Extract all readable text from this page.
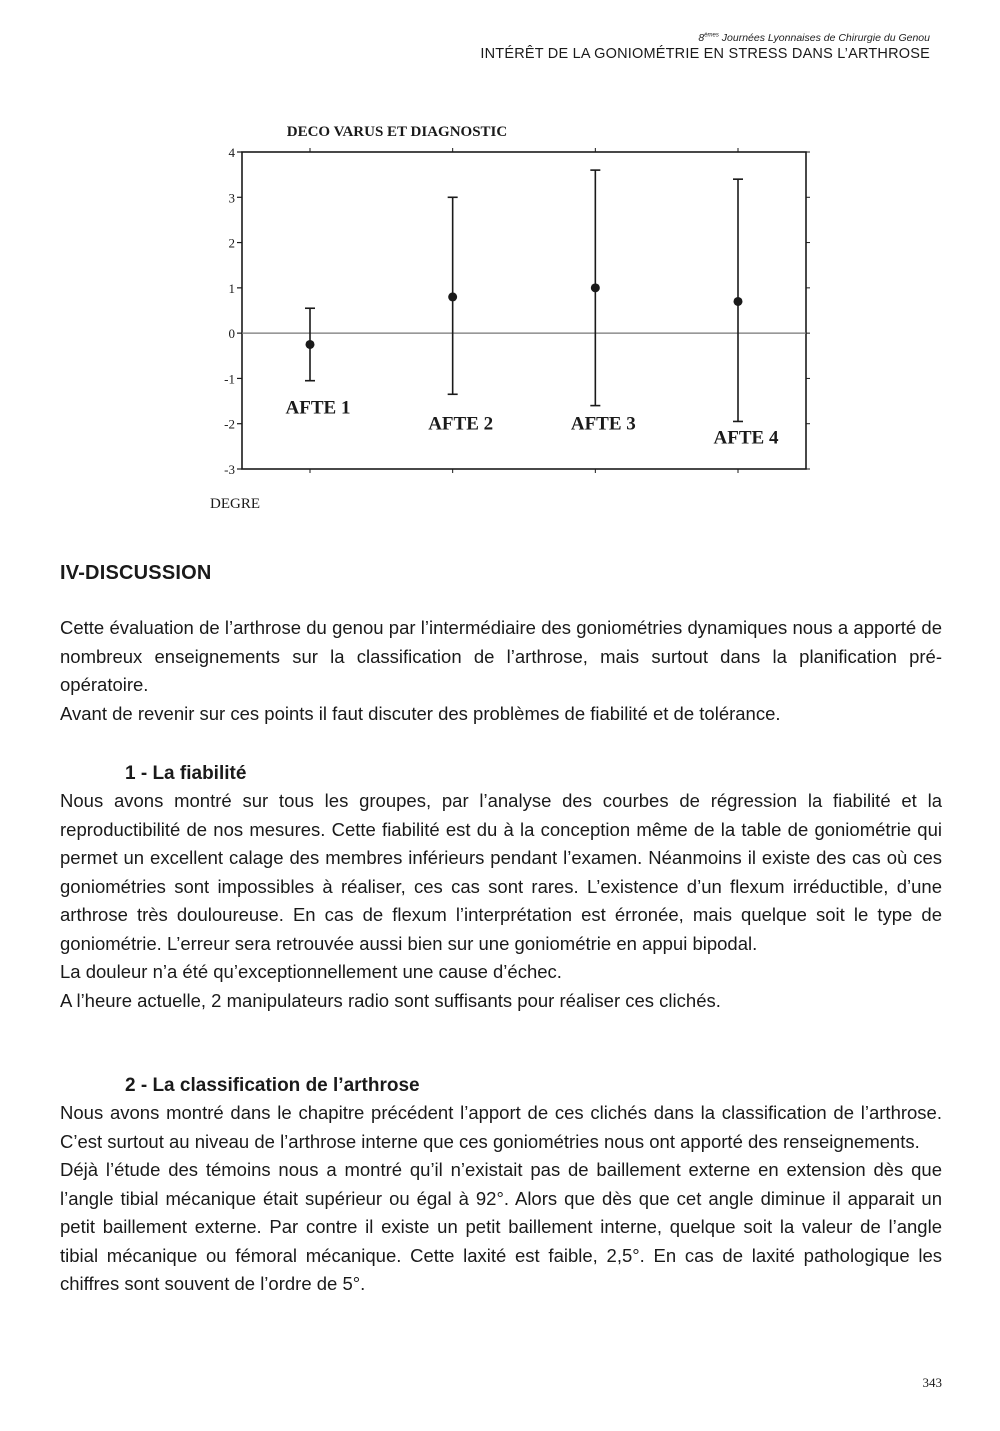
8èmes Journées Lyonnaises de Chirurgie du Genou
INTÉRÊT DE LA GONIOMÉTRIE EN STRESS DANS L’ARTHROSE
DECO VARUS ET DIAGNOSTIC
DEGRE
4
3
2
1
0
-1
-2
-3
AFTE 1
AFTE 2	AFTE 3
AFTE 4
IV-DISCUSSION

Cette évaluation de l’arthrose du genou par l’intermédiaire des goniométries dynamiques nous a apporté de nombreux enseignements sur la classification de l’arthrose, mais surtout dans la planification pré-opératoire.

Avant de revenir sur ces points il faut discuter des problèmes de fiabilité et de tolérance.

1 - La fiabilité

Nous avons montré sur tous les groupes, par l’analyse des courbes de régression la fiabilité et la reproductibilité de nos mesures. Cette fiabilité est du à la conception même de la table de goniométrie qui permet un excellent calage des membres inférieurs pendant l’examen. Néanmoins il existe des cas où ces goniométries sont impossibles à réaliser, ces cas sont rares. L’existence d’un flexum irréductible, d’une arthrose très douloureuse. En cas de flexum l’interprétation est érronée, mais quelque soit le type de goniométrie. L’erreur sera retrouvée aussi bien sur une goniométrie en appui bipodal.

La douleur n’a été qu’exceptionnellement une cause d’échec.

A l’heure actuelle, 2 manipulateurs radio sont suffisants pour réaliser ces clichés.

2 - La classification de l’arthrose

Nous avons montré dans le chapitre précédent l’apport de ces clichés dans la classification de l’arthrose. C’est surtout au niveau de l’arthrose interne que ces goniométries nous ont apporté des renseignements.

Déjà l’étude des témoins nous a montré qu’il n’existait pas de baillement externe en extension dès que l’angle tibial mécanique était supérieur ou égal à 92°. Alors que dès que cet angle diminue il apparait un petit baillement externe. Par contre il existe un petit baillement interne, quelque soit la valeur de l’angle tibial mécanique ou fémoral mécanique. Cette laxité est faible, 2,5°. En cas de laxité pathologique les chiffres sont souvent de l’ordre de 5°.

343
